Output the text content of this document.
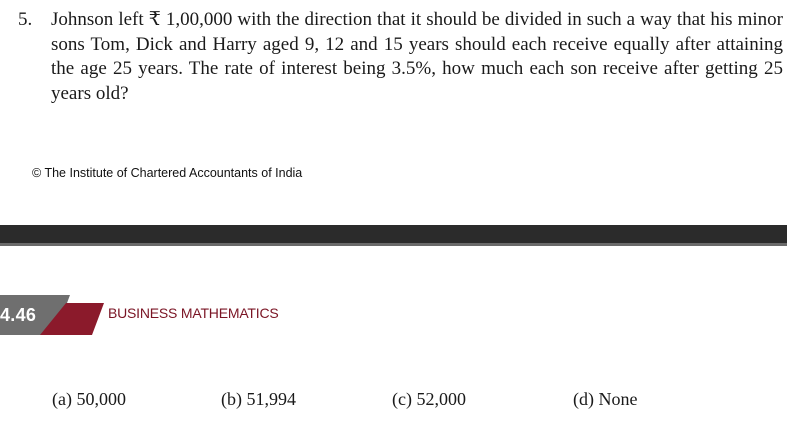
5. Johnson left ₹ 1,00,000 with the direction that it should be divided in such a way that his minor sons Tom, Dick and Harry aged 9, 12 and 15 years should each receive equally after attaining the age 25 years. The rate of interest being 3.5%, how much each son receive after getting 25 years old?
© The Institute of Chartered Accountants of India
4.46	BUSINESS MATHEMATICS
(a) 50,000	(b) 51,994	(c) 52,000	(d) None
